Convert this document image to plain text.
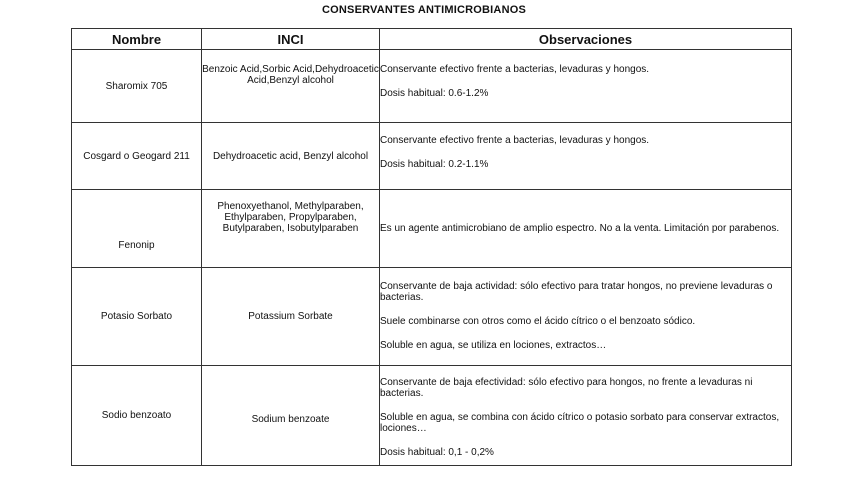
CONSERVANTES ANTIMICROBIANOS
Nombre	INCI	Observaciones
Sharomix 705	Benzoic Acid,Sorbic Acid,Dehydroacetic Acid,Benzyl alcohol	Conservante efectivo frente a bacterias, levaduras y hongos.

Dosis habitual: 0.6-1.2%

Cosgard o Geogard 211	Dehydroacetic acid, Benzyl alcohol	Conservante efectivo frente a bacterias, levaduras y hongos.

Dosis habitual: 0.2-1.1%

Fenonip	Phenoxyethanol, Methylparaben, Ethylparaben, Propylparaben, Butylparaben, Isobutylparaben	Es un agente antimicrobiano de amplio espectro. No a la venta. Limitación por parabenos.

Potasio Sorbato	Potassium Sorbate	Conservante de baja actividad: sólo efectivo para tratar hongos, no previene levaduras o bacterias.

Suele combinarse con otros como el ácido cítrico o el benzoato sódico.

Soluble en agua, se utiliza en lociones, extractos…

Sodio benzoato	Sodium benzoate	Conservante de baja efectividad: sólo efectivo para hongos, no frente a levaduras ni bacterias.

Soluble en agua, se combina con ácido cítrico o potasio sorbato para conservar extractos, lociones…

Dosis habitual: 0,1 - 0,2%
